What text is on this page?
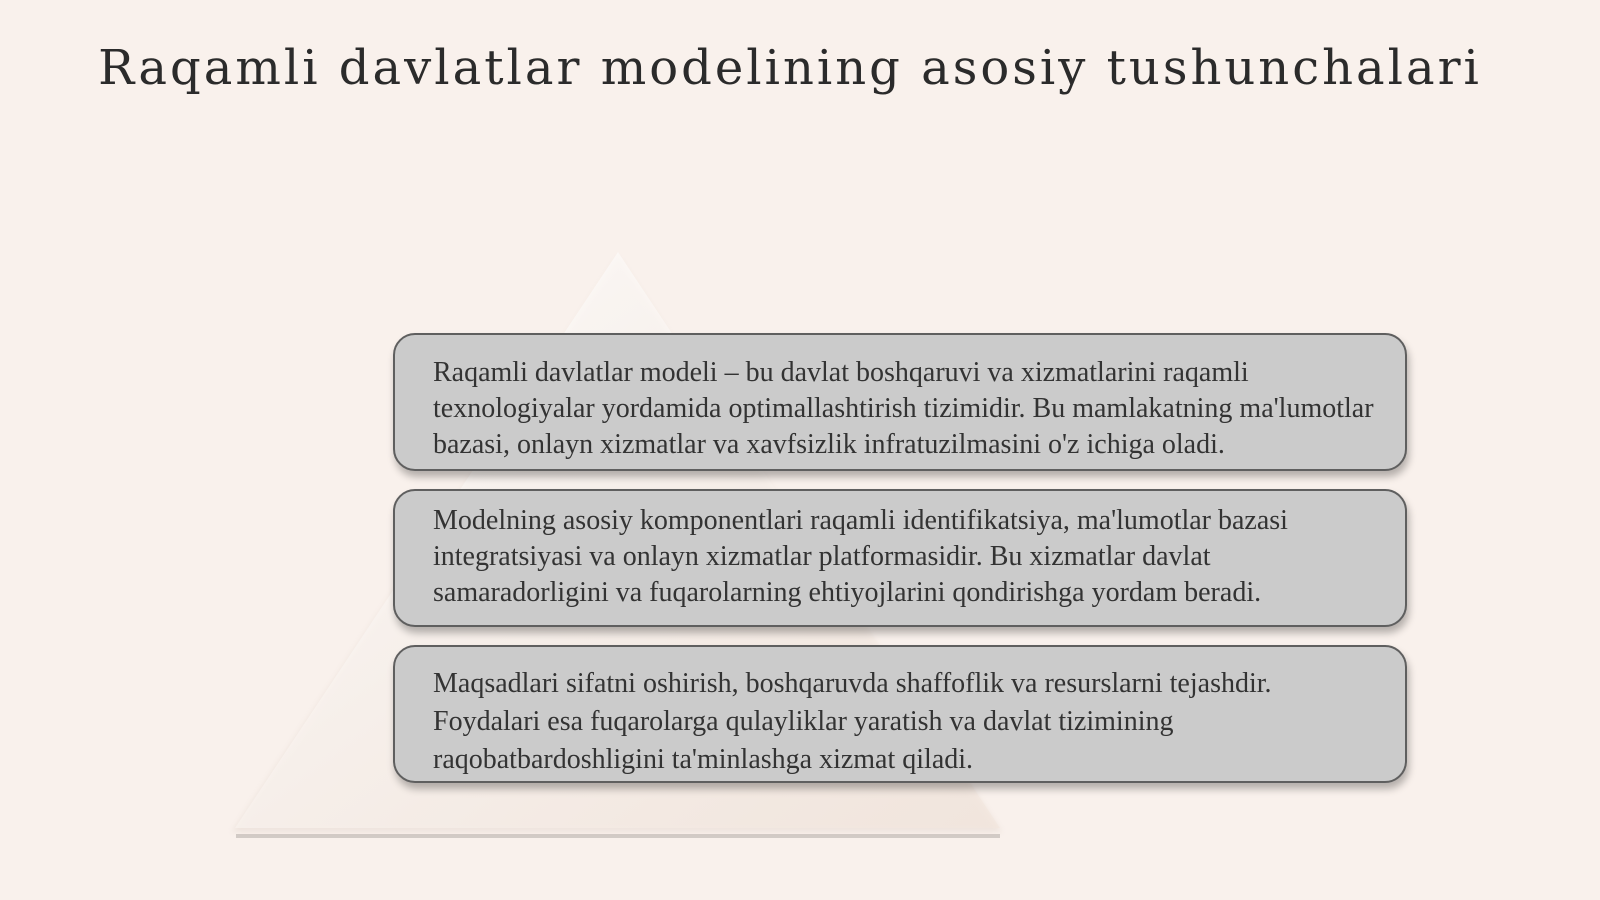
Raqamli davlatlar modelining asosiy tushunchalari
Raqamli davlatlar modeli – bu davlat boshqaruvi va xizmatlarini raqamli texnologiyalar yordamida optimallashtirish tizimidir. Bu mamlakatning ma'lumotlar bazasi, onlayn xizmatlar va xavfsizlik infratuzilmasini o'z ichiga oladi.
Modelning asosiy komponentlari raqamli identifikatsiya, ma'lumotlar bazasi integratsiyasi va onlayn xizmatlar platformasidir. Bu xizmatlar davlat samaradorligini va fuqarolarning ehtiyojlarini qondirishga yordam beradi.
Maqsadlari sifatni oshirish, boshqaruvda shaffoflik va resurslarni tejashdir. Foydalari esa fuqarolarga qulayliklar yaratish va davlat tizimining raqobatbardoshligini ta'minlashga xizmat qiladi.
